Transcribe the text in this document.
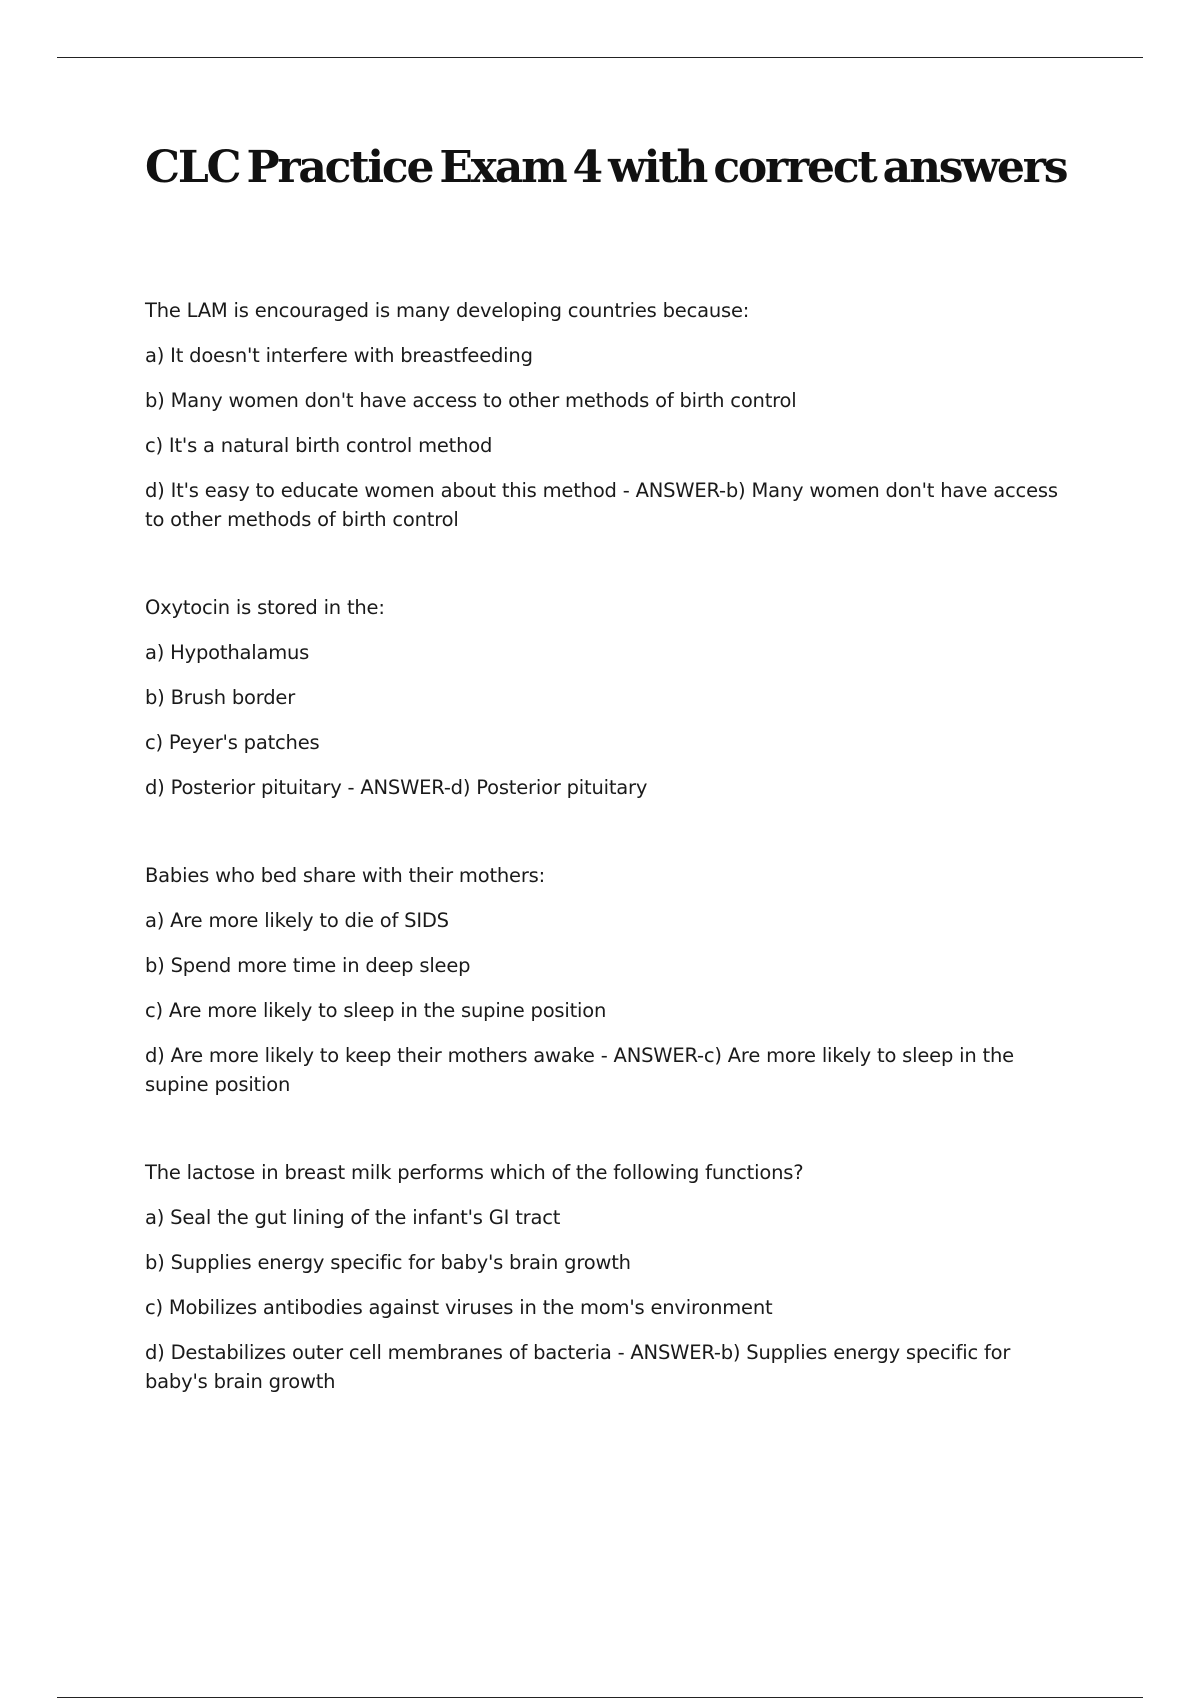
CLC Practice Exam 4 with correct answers

The LAM is encouraged is many developing countries because:

a) It doesn't interfere with breastfeeding

b) Many women don't have access to other methods of birth control

c) It's a natural birth control method

d) It's easy to educate women about this method - ANSWER-b) Many women don't have access to other methods of birth control

Oxytocin is stored in the:

a) Hypothalamus

b) Brush border

c) Peyer's patches

d) Posterior pituitary - ANSWER-d) Posterior pituitary

Babies who bed share with their mothers:

a) Are more likely to die of SIDS

b) Spend more time in deep sleep

c) Are more likely to sleep in the supine position

d) Are more likely to keep their mothers awake - ANSWER-c) Are more likely to sleep in the supine position

The lactose in breast milk performs which of the following functions?

a) Seal the gut lining of the infant's GI tract

b) Supplies energy specific for baby's brain growth

c) Mobilizes antibodies against viruses in the mom's environment

d) Destabilizes outer cell membranes of bacteria - ANSWER-b) Supplies energy specific for baby's brain growth
